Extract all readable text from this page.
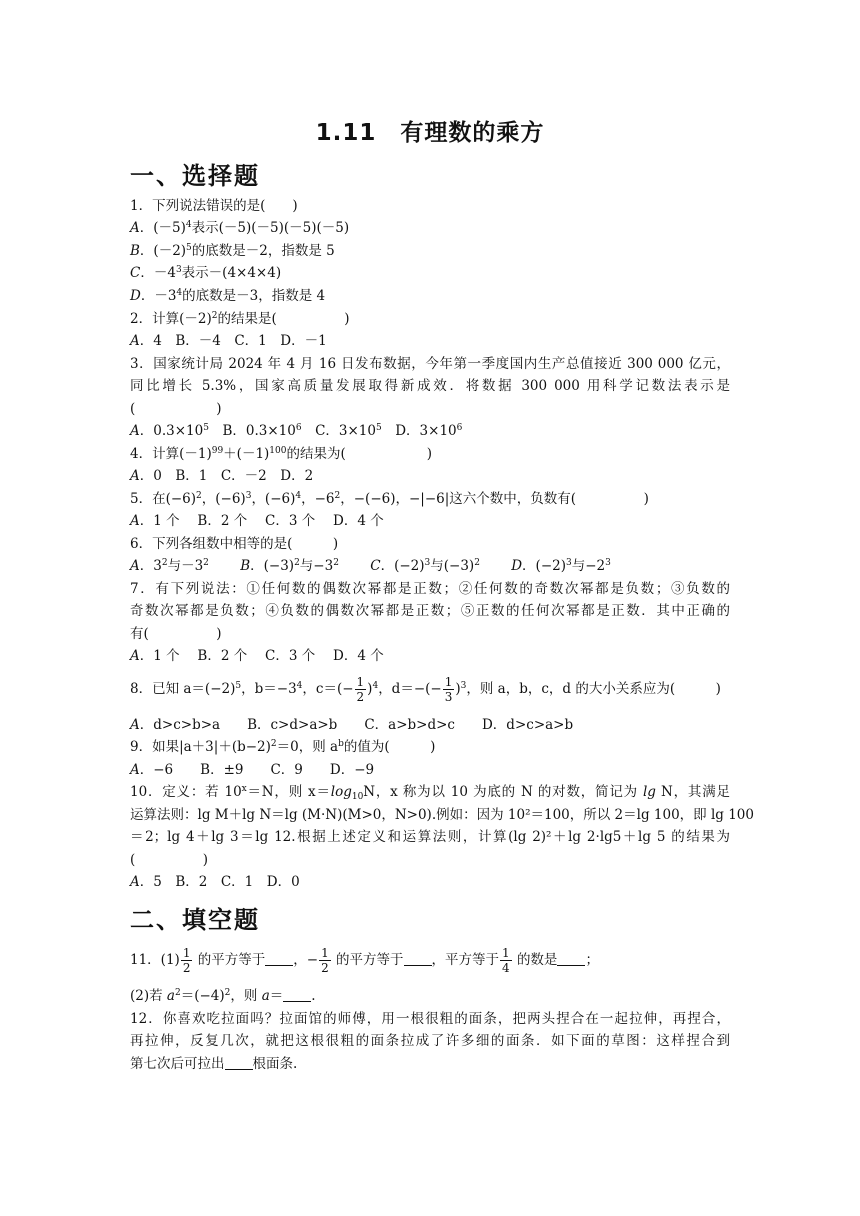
1.11　有理数的乘方
一、选择题
1．下列说法错误的是(　　)
A．$(-5)^4$表示(－5)(－5)(－5)(－5)
B．$(-2)^5$的底数是－2，指数是 5
C．$-4^3$表示－(4×4×4)
D．$-3^4$的底数是－3，指数是 4
2．计算$(-2)^2$的结果是(　　　　　)
A．4　B．－4　C．1　D．－1
3．国家统计局 2024 年 4 月 16 日发布数据，今年第一季度国内生产总值接近 300 000 亿元，
同比增长 5.3%，国家高质量发展取得新成效．将数据 300 000 用科学记数法表示是
(　　　　　　)
A．$0.3\times 10^5$　B．$0.3\times 10^6$　C．$3\times 10^5$　D．$3\times 10^6$
4．计算$(-1)^{99}+(-1)^{100}$的结果为(　　　　　　)
A．0　B．1　C．－2　D．2
5．在$(-6)^2$，$(-6)^3$，$(-6)^4$，$-6^2$，−(−6)，−|−6|这六个数中，负数有(　　　　　)
A．1 个　 B．2 个　 C．3 个　 D．4 个
6．下列各组数中相等的是(　　　)
A．$3^2$与$-3^2$　　 B．$(-3)^2$与$-3^2$　　 C．$(-2)^3$与$(-3)^2$　　 D．$(-2)^3$与$-2^3$
7．有下列说法：①任何数的偶数次幂都是正数；②任何数的奇数次幂都是负数；③负数的
奇数次幂都是负数；④负数的偶数次幂都是正数；⑤正数的任何次幂都是正数．其中正确的
有(　　　　　)
A．1 个　 B．2 个　 C．3 个　 D．4 个
8．已知 $a=(-2)^5$，$b=-3^4$，$c=(- \frac{1}{2} )^4$，$d=-(- \frac{1}{3} )^3$，则 a，b，c，d 的大小关系应为(　　　)
A．d>c>b>a　　B．c>d>a>b　　C．a>b>d>c　　D．d>c>a>b
9．如果$|a+3|+(b-2)^2=0$，则 $a^b$的值为(　　　)
A．−6　　B．±9　　C．9　　D．−9
10．定义：若 $10^x=N$，则 $x=\log_{10}N$，x 称为以 10 为底的 N 的对数，简记为 lg N，其满足
运算法则：lg M＋lg N＝lg (M·N)(M>0，N>0).例如：因为 10²＝100，所以 2＝lg 100，即 lg 100
＝2；lg 4＋lg 3＝lg 12.根据上述定义和运算法则，计算(lg 2)²＋lg 2·lg5＋lg 5 的结果为
(　　　　　)
A．5　B．2　C．1　D．0
二、填空题
11．$(1) \frac{1}{2}$ 的平方等于 ，− $\frac{1}{2}$ 的平方等于 ，平方等于 $\frac{1}{4}$ 的数是 ；
(2)若 $a^2=(-4)^2$，则 a＝ .
12．你喜欢吃拉面吗？拉面馆的师傅，用一根很粗的面条，把两头捏合在一起拉伸，再捏合，
再拉伸，反复几次，就把这根很粗的面条拉成了许多细的面条．如下面的草图：这样捏合到
第七次后可拉出 根面条.
